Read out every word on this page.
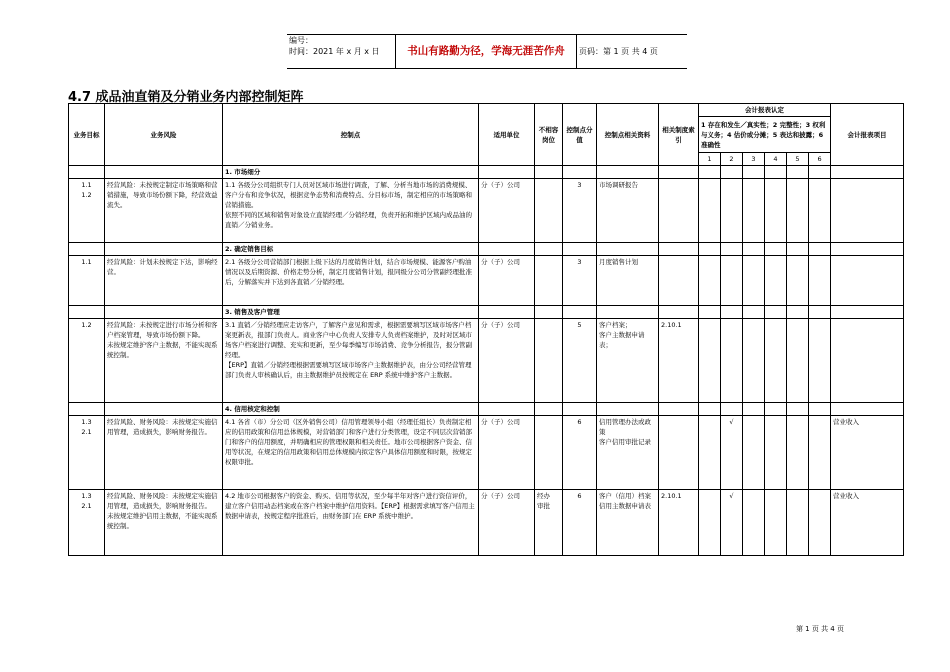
编号：
时间：2021 年 x 月 x 日	书山有路勤为径，学海无涯苦作舟	页码：第 1 页 共 4 页
4.7 成品油直销及分销业务内部控制矩阵
业务目标	业务风险	控制点	适用单位	不相容岗位	控制点分值	控制点相关资料	相关制度索引	会计报表认定						会计报表项目
								1 存在和发生／真实性；2 完整性；3 权利与义务；4 估价或分摊；5 表达和披露；6 准确性						
								1	2	3	4	5	6	
		1. 市场细分												
1.1
1.2	经营风险：未按规定制定市场策略和营销措施，导致市场份额下降，经营效益流失。	1.1 各级分公司组织专门人员对区域市场进行调查，了解、分析当地市场的消费规模、客户分布和竞争状况，根据竞争态势和消费特点、分目标市场，制定相应的市场策略和营销措施。
依照不同的区域和销售对象设立直销经理／分销经理，负责开拓和维护区域内成品油的直销／分销业务。	分（子）公司		3	市场调研报告								
		2. 确定销售目标												
1.1	经营风险：计划未按规定下达，影响经营。	2.1 各级分公司营销部门根据上级下达的月度销售计划，结合市场规模、能源客户购油情况以及后期资源、价格走势分析，制定月度销售计划，报同级分公司分管副经理批准后，分解落实并下达到各直销／分销经理。	分（子）公司		3	月度销售计划								
		3. 销售及客户管理												
1.2	经营风险：未按规定进行市场分析和客户档案管理，导致市场份额下降。
未按规定维护客户主数据，不能实现系统控制。	3.1 直销／分销经理应走访客户，了解客户意见和需求，根据需要填写区域市场客户档案更新表，报部门负责人。商业客户中心负责人安排专人负责档案维护，及时对区域市场客户档案进行调整、充实和更新，至少每季编写市场消费、竞争分析报告，报分管副经理。
【ERP】直销／分销经理根据需要填写区域市场客户主数据维护表，由分公司经营管理部门负责人审核确认后，由主数据维护员按规定在 ERP 系统中维护客户主数据。	分（子）公司		5	客户档案；
客户主数据申请表；	2.10.1							
		4. 信用核定和控制												
1.3
2.1	经营风险、财务风险：未按规定实施信用管理，造成损失，影响财务报告。	4.1 各省（市）分公司（区外销售公司）信用管理领导小组（经理任组长）负责制定相应的信用政策和信用总体规模，对营销部门和客户进行分类管理，设定不同层次营销部门和客户的信用额度，并明确相应的管理权限和相关责任。地市公司根据客户资金、信用等状况，在规定的信用政策和信用总体规模内拟定客户具体信用额度和时限，按规定权限审批。	分（子）公司		6	信用管理办法或政策
客户信用审批记录			√					营业收入
1.3
2.1	经营风险、财务风险：未按规定实施信用管理，造成损失，影响财务报告。
未按规定维护信用主数据，不能实现系统控制。	4.2 地市公司根据客户的资金、购买、信用等状况，至少每半年对客户进行资信评价，建立客户信用动态档案或在客户档案中维护信用资料。【ERP】根据需求填写客户信用主数据申请表，按规定程序批准后，由财务部门在 ERP 系统中维护。	分（子）公司	经办
审批	6	客户（信用）档案
信用主数据申请表	2.10.1		√					营业收入
第 1 页 共 4 页
